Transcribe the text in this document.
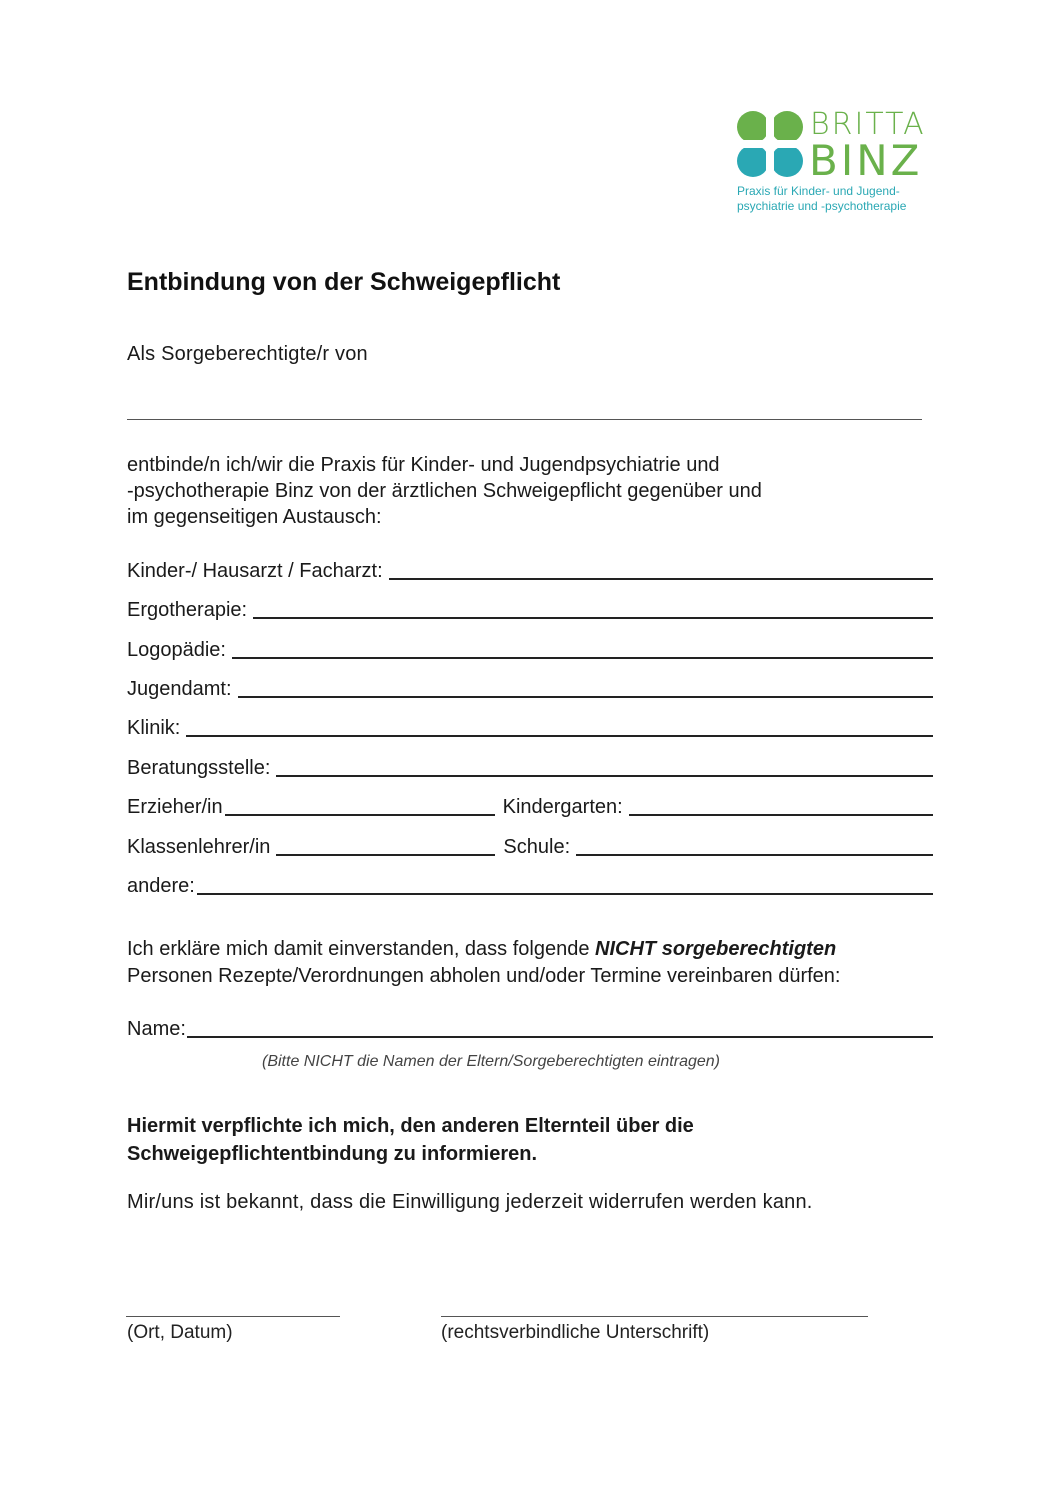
BRITTA
BINZ
Praxis für Kinder- und Jugend-
psychiatrie und -psychotherapie
Entbindung von der Schweigepflicht
Als Sorgeberechtigte/r von
entbinde/n ich/wir die Praxis für Kinder- und Jugendpsychiatrie und
-psychotherapie Binz von der ärztlichen Schweigepflicht gegenüber und
im gegenseitigen Austausch:
Kinder-/ Hausarzt / Facharzt:
Ergotherapie:
Logopädie:
Jugendamt:
Klinik:
Beratungsstelle:
Erzieher/in	Kindergarten:
Klassenlehrer/in	Schule:
andere:
Ich erkläre mich damit einverstanden, dass folgende NICHT sorgeberechtigten
Personen Rezepte/Verordnungen abholen und/oder Termine vereinbaren dürfen:
Name:
(Bitte NICHT die Namen der Eltern/Sorgeberechtigten eintragen)
Hiermit verpflichte ich mich, den anderen Elternteil über die
Schweigepflichtentbindung zu informieren.
Mir/uns ist bekannt, dass die Einwilligung jederzeit widerrufen werden kann.
(Ort, Datum)	(rechtsverbindliche Unterschrift)
